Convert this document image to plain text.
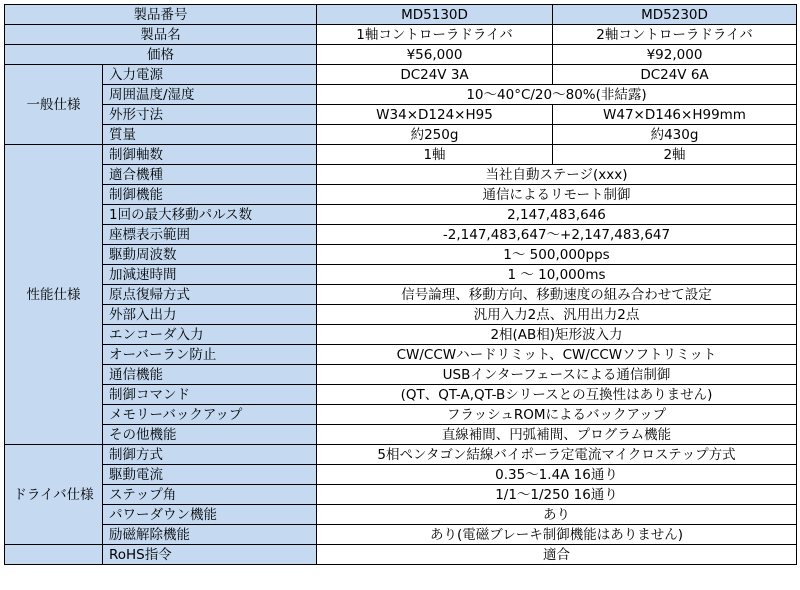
製品番号		MD5130D	MD5230D
製品名		1軸コントローラドライバ	2軸コントローラドライバ
価格		¥56,000	¥92,000
一般仕様	入力電源	DC24V 3A	DC24V 6A
	周囲温度/湿度	10〜40°C/20〜80%(非結露)	
	外形寸法	W34×D124×H95	W47×D146×H99mm
	質量	約250g	約430g
性能仕様	制御軸数	1軸	2軸
	適合機種	当社自動ステージ(xxx)	
	制御機能	通信によるリモート制御	
	1回の最大移動パルス数	2,147,483,646	
	座標表示範囲	-2,147,483,647〜+2,147,483,647	
	駆動周波数	1〜 500,000pps	
	加減速時間	1 〜 10,000ms	
	原点復帰方式	信号論理、移動方向、移動速度の組み合わせて設定	
	外部入出力	汎用入力2点、汎用出力2点	
	エンコーダ入力	2相(AB相)矩形波入力	
	オーバーラン防止	CW/CCWハードリミット、CW/CCWソフトリミット	
	通信機能	USBインターフェースによる通信制御	
	制御コマンド	(QT、QT-A,QT-Bシリースとの互換性はありません)	
	メモリーバックアップ	フラッシュROMによるバックアップ	
	その他機能	直線補間、円弧補間、プログラム機能	
ドライバ仕様	制御方式	5相ペンタゴン結線バイポーラ定電流マイクロステップ方式	
	駆動電流	0.35〜1.4A 16通り	
	ステップ角	1/1〜1/250 16通り	
	パワーダウン機能	あり	
	励磁解除機能	あり(電磁ブレーキ制御機能はありません)	
	RoHS指令	適合	
